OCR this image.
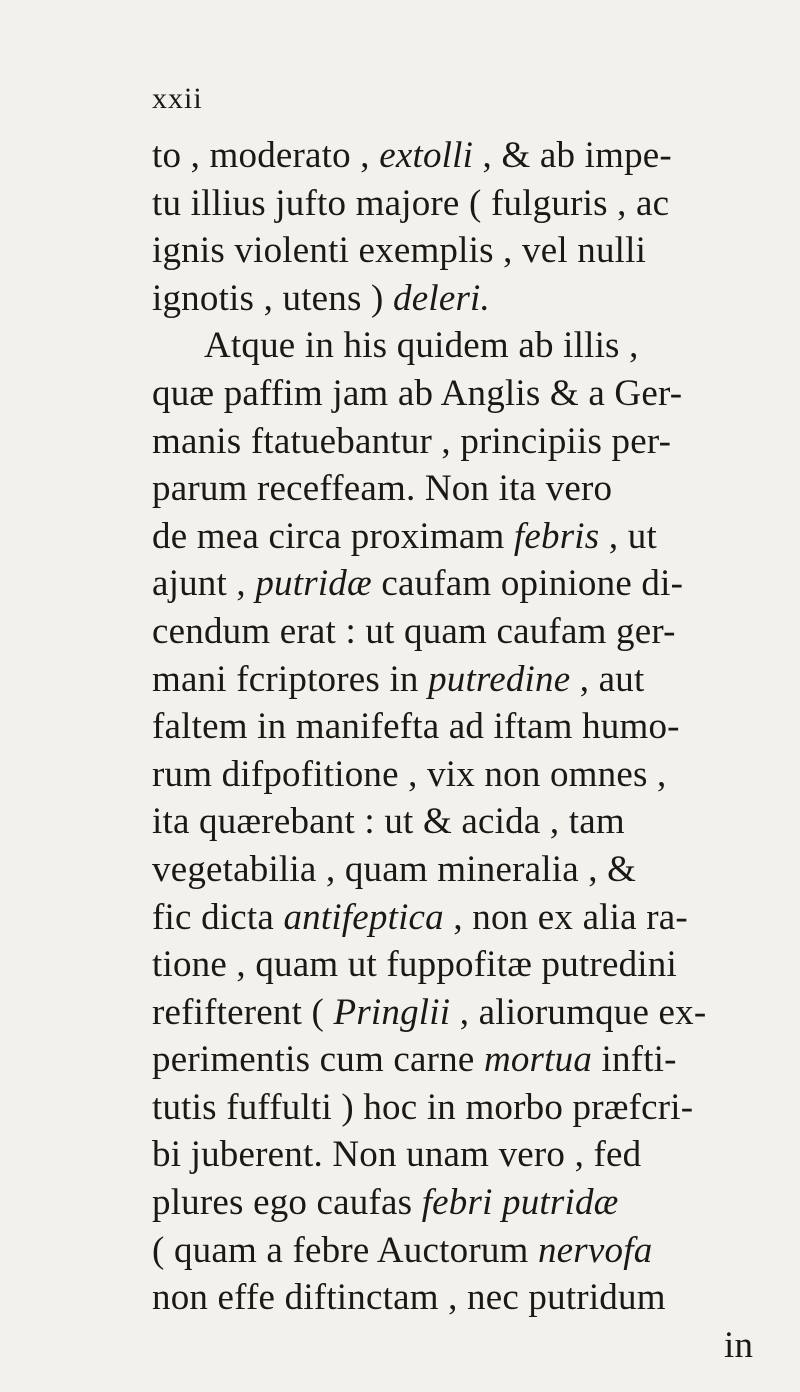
xxii
to , moderato , extolli , & ab impe-
tu illius jufto majore ( fulguris , ac
ignis violenti exemplis , vel nulli
ignotis , utens ) deleri.
Atque in his quidem ab illis ,
quæ paffim jam ab Anglis & a Ger-
manis ftatuebantur , principiis per-
parum receffeam. Non ita vero
de mea circa proximam febris , ut
ajunt , putridæ caufam opinione di-
cendum erat : ut quam caufam ger-
mani fcriptores in putredine , aut
faltem in manifefta ad iftam humo-
rum difpofitione , vix non omnes ,
ita quærebant : ut & acida , tam
vegetabilia , quam mineralia , &
fic dicta antifeptica , non ex alia ra-
tione , quam ut fuppofitæ putredini
refifterent ( Pringlii , aliorumque ex-
perimentis cum carne mortua infti-
tutis fuffulti ) hoc in morbo præfcri-
bi juberent. Non unam vero , fed
plures ego caufas febri putridæ
( quam a febre Auctorum nervofa
non effe diftinctam , nec putridum
in
